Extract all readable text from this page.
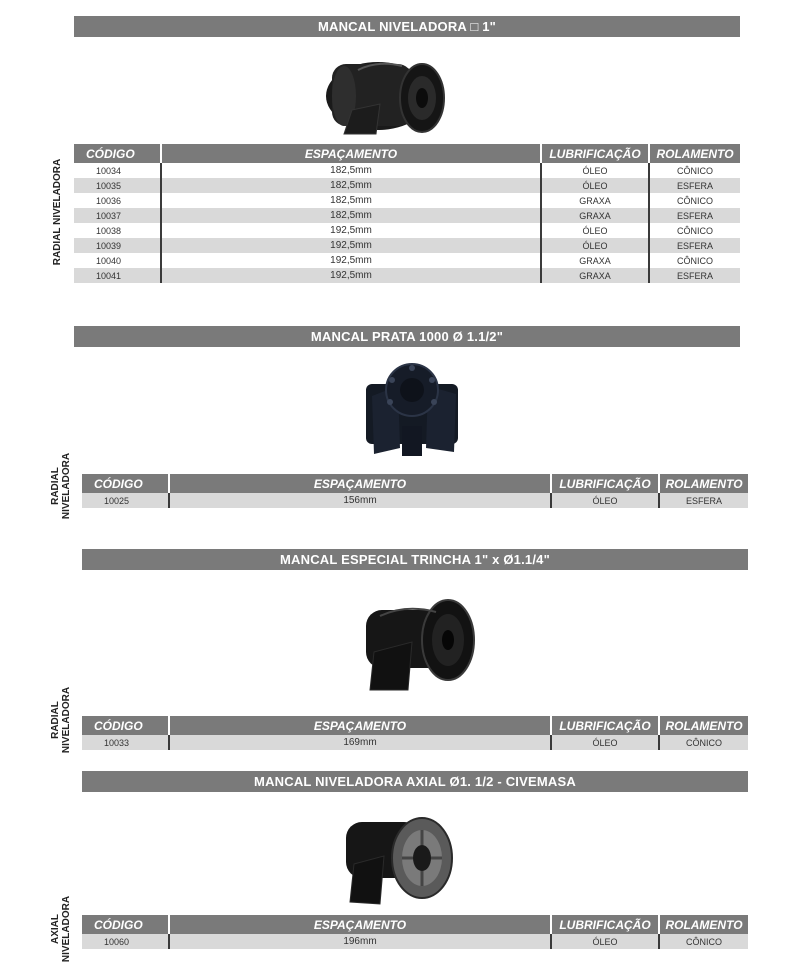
MANCAL NIVELADORA □ 1"
RADIAL NIVELADORA
CÓDIGO	ESPAÇAMENTO	LUBRIFICAÇÃO	ROLAMENTO
10034	182,5mm	ÓLEO	CÔNICO
10035	182,5mm	ÓLEO	ESFERA
10036	182,5mm	GRAXA	CÔNICO
10037	182,5mm	GRAXA	ESFERA
10038	192,5mm	ÓLEO	CÔNICO
10039	192,5mm	ÓLEO	ESFERA
10040	192,5mm	GRAXA	CÔNICO
10041	192,5mm	GRAXA	ESFERA
MANCAL PRATA 1000 Ø 1.1/2"
RADIAL
NIVELADORA CÓDIGO	ESPAÇAMENTO	LUBRIFICAÇÃO	ROLAMENTO
10025	156mm	ÓLEO	ESFERA
MANCAL ESPECIAL TRINCHA 1" x Ø1.1/4"
RADIAL
NIVELADORA CÓDIGO	ESPAÇAMENTO	LUBRIFICAÇÃO	ROLAMENTO
10033	169mm	ÓLEO	CÔNICO
MANCAL NIVELADORA AXIAL Ø1. 1/2 - CIVEMASA
AXIAL
NIVELADORA CÓDIGO	ESPAÇAMENTO	LUBRIFICAÇÃO	ROLAMENTO
10060	196mm	ÓLEO	CÔNICO
